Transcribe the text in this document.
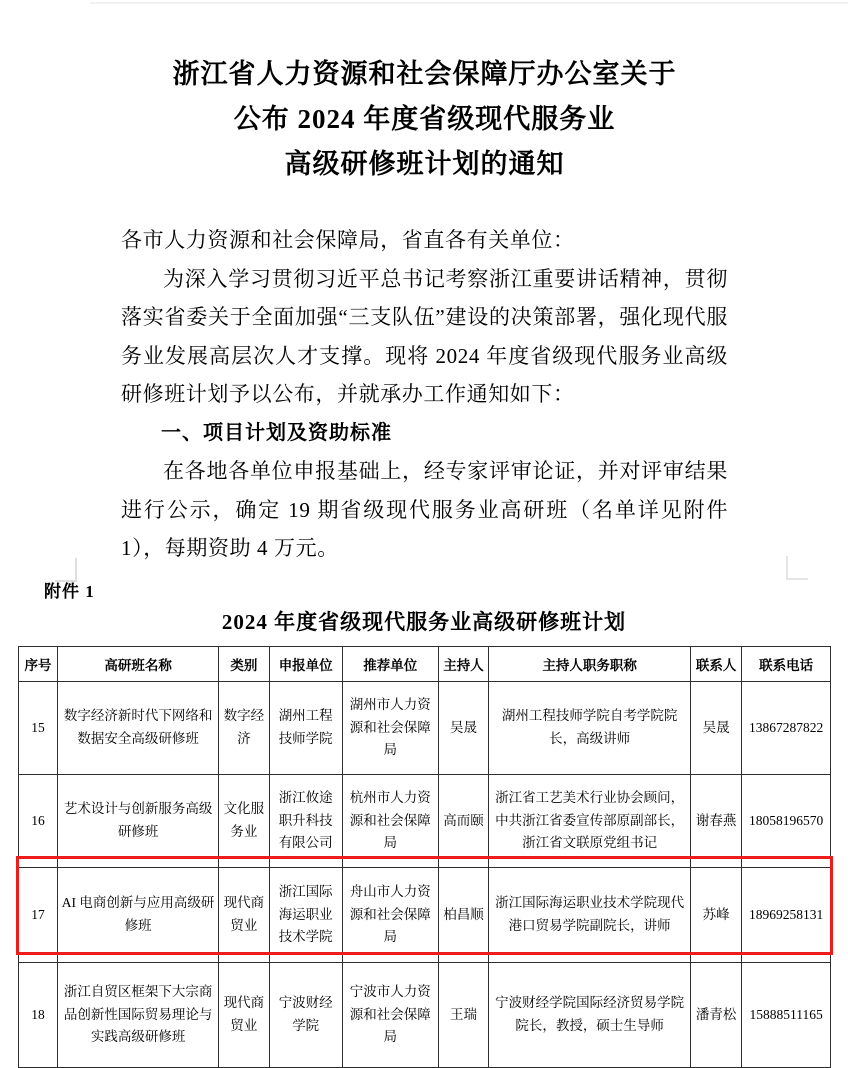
浙江省人力资源和社会保障厅办公室关于
公布 2024 年度省级现代服务业
高级研修班计划的通知

各市人力资源和社会保障局，省直各有关单位：

为深入学习贯彻习近平总书记考察浙江重要讲话精神，贯彻落实省委关于全面加强“三支队伍”建设的决策部署，强化现代服务业发展高层次人才支撑。现将 2024 年度省级现代服务业高级研修班计划予以公布，并就承办工作通知如下：

一、项目计划及资助标准

在各地各单位申报基础上，经专家评审论证，并对评审结果进行公示，确定 19 期省级现代服务业高研班（名单详见附件 1），每期资助 4 万元。

附件 1
2024 年度省级现代服务业高级研修班计划
序号	高研班名称	类别	申报单位	推荐单位	主持人	主持人职务职称	联系人	联系电话
15	数字经济新时代下网络和数据安全高级研修班	数字经济	湖州工程技师学院	湖州市人力资源和社会保障局	吴晟	湖州工程技师学院自考学院院长，高级讲师	吴晟	13867287822
16	艺术设计与创新服务高级研修班	文化服务业	浙江攸途职升科技有限公司	杭州市人力资源和社会保障局	高而颐	浙江省工艺美术行业协会顾问，中共浙江省委宣传部原副部长，浙江省文联原党组书记	谢春燕	18058196570
17	AI 电商创新与应用高级研修班	现代商贸业	浙江国际海运职业技术学院	舟山市人力资源和社会保障局	柏昌顺	浙江国际海运职业技术学院现代港口贸易学院副院长，讲师	苏峰	18969258131
18	浙江自贸区框架下大宗商品创新性国际贸易理论与实践高级研修班	现代商贸业	宁波财经学院	宁波市人力资源和社会保障局	王瑞	宁波财经学院国际经济贸易学院院长，教授，硕士生导师	潘青松	15888511165
